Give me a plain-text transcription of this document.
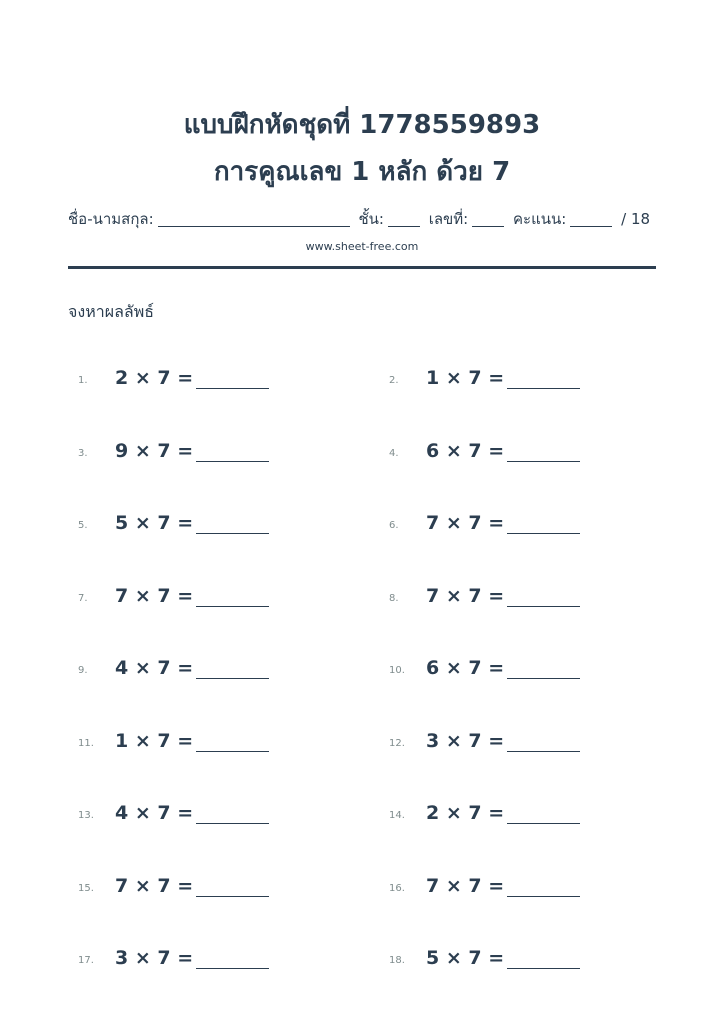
แบบฝึกหัดชุดที่ 1778559893
การคูณเลข 1 หลัก ด้วย 7
ชื่อ-นามสกุล:	ชั้น:	เลขที่:	คะแนน:	/ 18
www.sheet-free.com
จงหาผลลัพธ์
1. 2 × 7 =	2. 1 × 7 =
3. 9 × 7 =	4. 6 × 7 =
5. 5 × 7 =	6. 7 × 7 =
7. 7 × 7 =	8. 7 × 7 =
9. 4 × 7 =	10. 6 × 7 =
11. 1 × 7 =	12. 3 × 7 =
13. 4 × 7 =	14. 2 × 7 =
15. 7 × 7 =	16. 7 × 7 =
17. 3 × 7 =	18. 5 × 7 =
